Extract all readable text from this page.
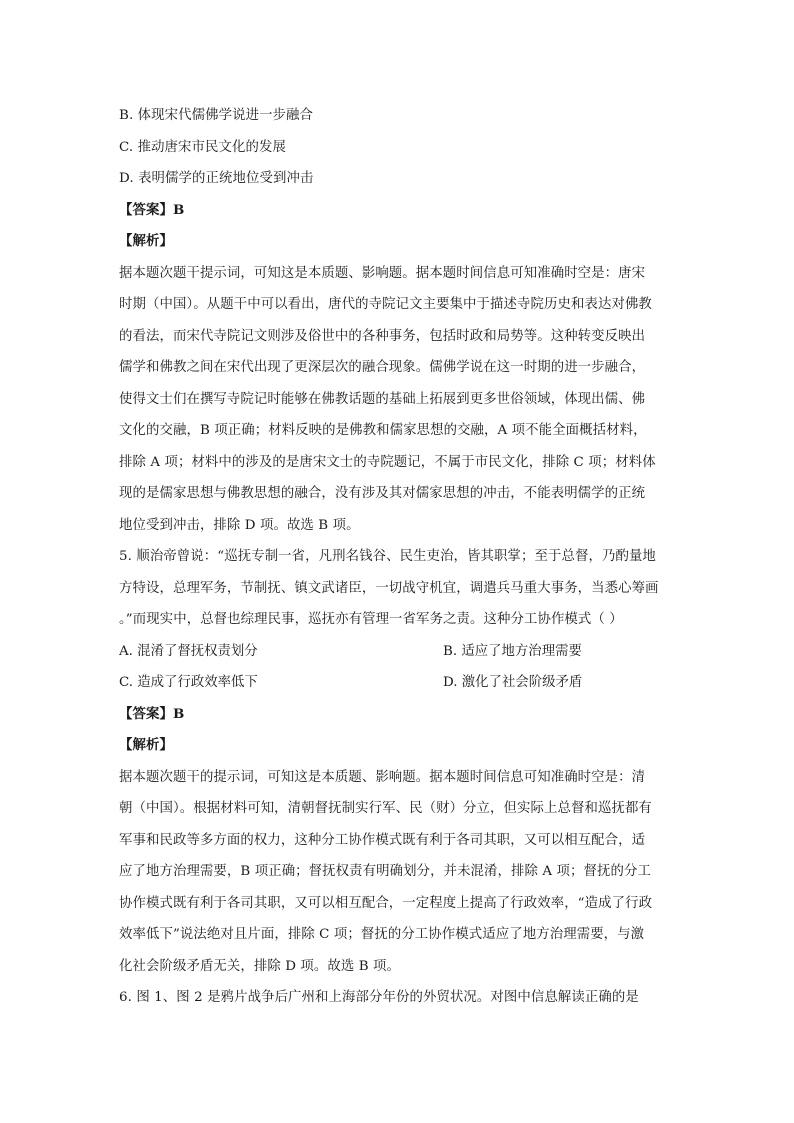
B. 体现宋代儒佛学说进一步融合
C. 推动唐宋市民文化的发展
D. 表明儒学的正统地位受到冲击
【答案】B
【解析】
据本题次题干提示词，可知这是本质题、影响题。据本题时间信息可知准确时空是：唐宋
时期（中国）。从题干中可以看出，唐代的寺院记文主要集中于描述寺院历史和表达对佛教
的看法，而宋代寺院记文则涉及俗世中的各种事务，包括时政和局势等。这种转变反映出
儒学和佛教之间在宋代出现了更深层次的融合现象。儒佛学说在这一时期的进一步融合，
使得文士们在撰写寺院记时能够在佛教话题的基础上拓展到更多世俗领域，体现出儒、佛
文化的交融，B 项正确；材料反映的是佛教和儒家思想的交融，A 项不能全面概括材料，
排除 A 项；材料中的涉及的是唐宋文士的寺院题记，不属于市民文化，排除 C 项；材料体
现的是儒家思想与佛教思想的融合，没有涉及其对儒家思想的冲击，不能表明儒学的正统
地位受到冲击，排除 D 项。故选 B 项。
5. 顺治帝曾说：“巡抚专制一省，凡刑名钱谷、民生吏治，皆其职掌；至于总督，乃酌量地
方特设，总理军务，节制抚、镇文武诸臣，一切战守机宜，调遣兵马重大事务，当悉心筹画
。”而现实中，总督也综理民事，巡抚亦有管理一省军务之责。这种分工协作模式（ ）
A. 混淆了督抚权责划分	B. 适应了地方治理需要
C. 造成了行政效率低下	D. 激化了社会阶级矛盾
【答案】B
【解析】
据本题次题干的提示词，可知这是本质题、影响题。据本题时间信息可知准确时空是：清
朝（中国）。根据材料可知，清朝督抚制实行军、民（财）分立，但实际上总督和巡抚都有
军事和民政等多方面的权力，这种分工协作模式既有利于各司其职，又可以相互配合，适
应了地方治理需要，B 项正确；督抚权责有明确划分，并未混淆，排除 A 项；督抚的分工
协作模式既有利于各司其职，又可以相互配合，一定程度上提高了行政效率，“造成了行政
效率低下”说法绝对且片面，排除 C 项；督抚的分工协作模式适应了地方治理需要，与激
化社会阶级矛盾无关，排除 D 项。故选 B 项。
6. 图 1、图 2 是鸦片战争后广州和上海部分年份的外贸状况。对图中信息解读正确的是
